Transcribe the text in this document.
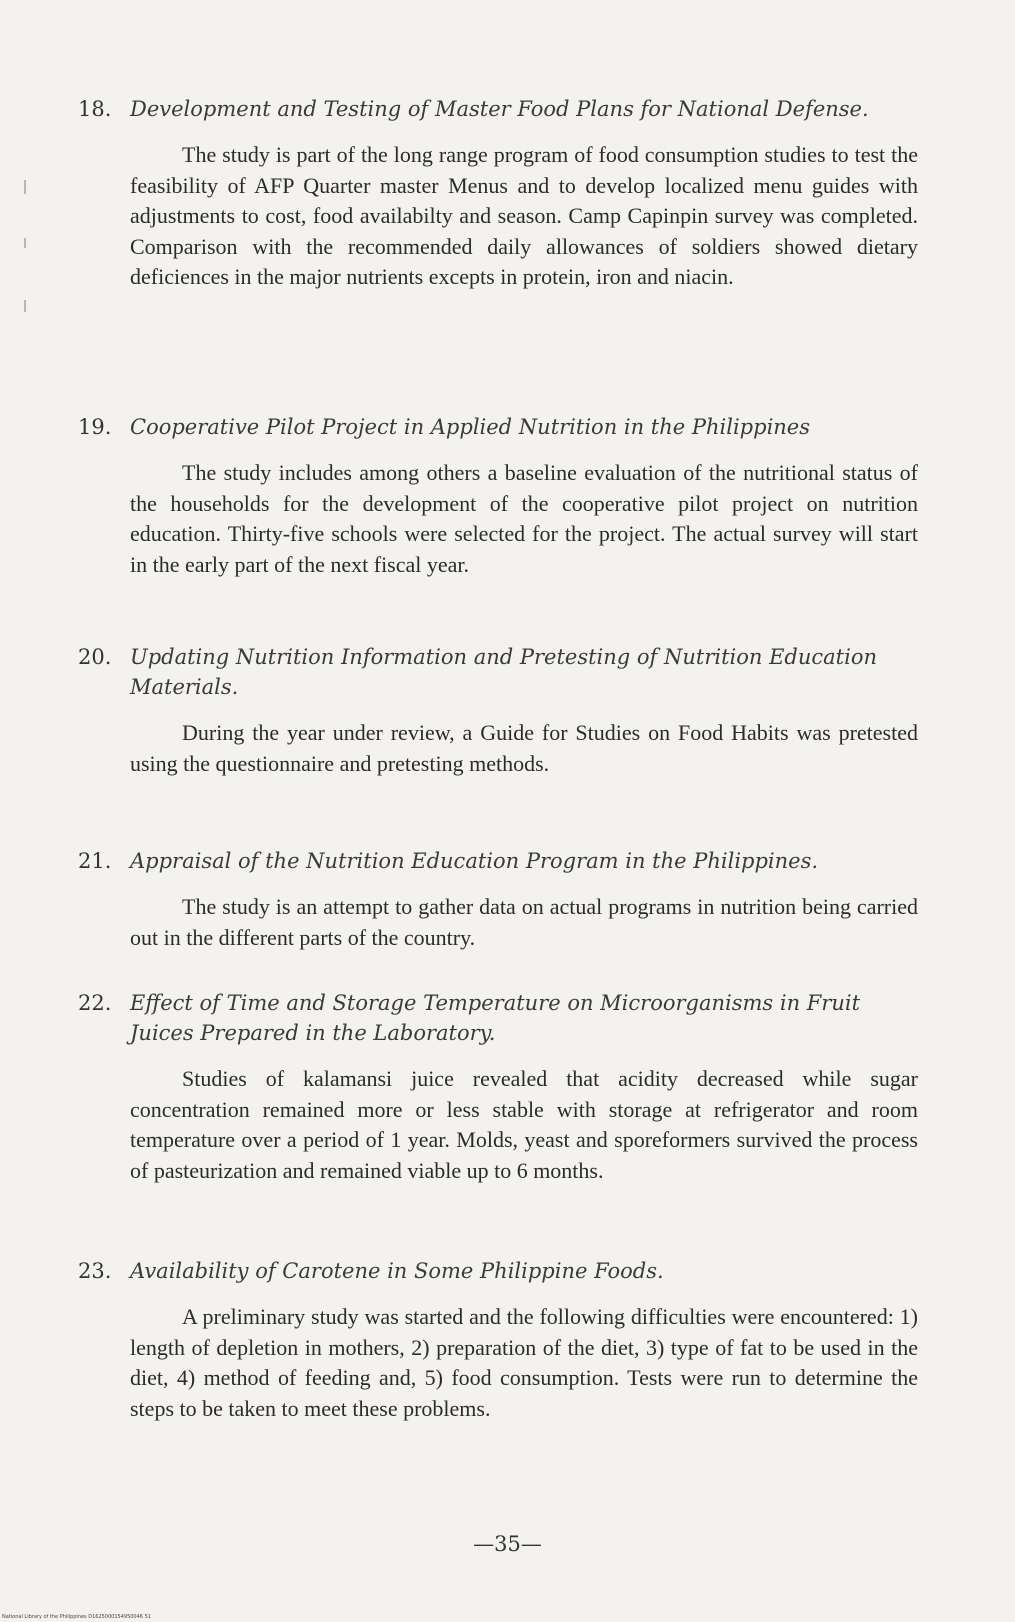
18. Development and Testing of Master Food Plans for National Defense.

The study is part of the long range program of food consumption studies to test the feasibility of AFP Quarter master Menus and to develop localized menu guides with adjustments to cost, food availabilty and season. Camp Capinpin survey was completed. Comparison with the recommended daily allowances of soldiers showed dietary deficiences in the major nutrients excepts in protein, iron and niacin.

19. Cooperative Pilot Project in Applied Nutrition in the Philippines

The study includes among others a baseline evaluation of the nutritional status of the households for the development of the cooperative pilot project on nutrition education. Thirty-five schools were selected for the project. The actual survey will start in the early part of the next fiscal year.

20. Updating Nutrition Information and Pretesting of Nutrition Education Materials.

During the year under review, a Guide for Studies on Food Habits was pretested using the questionnaire and pretesting methods.

21. Appraisal of the Nutrition Education Program in the Philippines.

The study is an attempt to gather data on actual programs in nutrition being carried out in the different parts of the country.

22. Effect of Time and Storage Temperature on Microorganisms in Fruit Juices Prepared in the Laboratory.

Studies of kalamansi juice revealed that acidity decreased while sugar concentration remained more or less stable with storage at refrigerator and room temperature over a period of 1 year. Molds, yeast and sporeformers survived the process of pasteurization and remained viable up to 6 months.

23. Availability of Carotene in Some Philippine Foods.

A preliminary study was started and the following difficulties were encountered: 1) length of depletion in mothers, 2) preparation of the diet, 3) type of fat to be used in the diet, 4) method of feeding and, 5) food consumption. Tests were run to determine the steps to be taken to meet these problems.

—35—
National Library of the Philippines D1625000154950046 51
